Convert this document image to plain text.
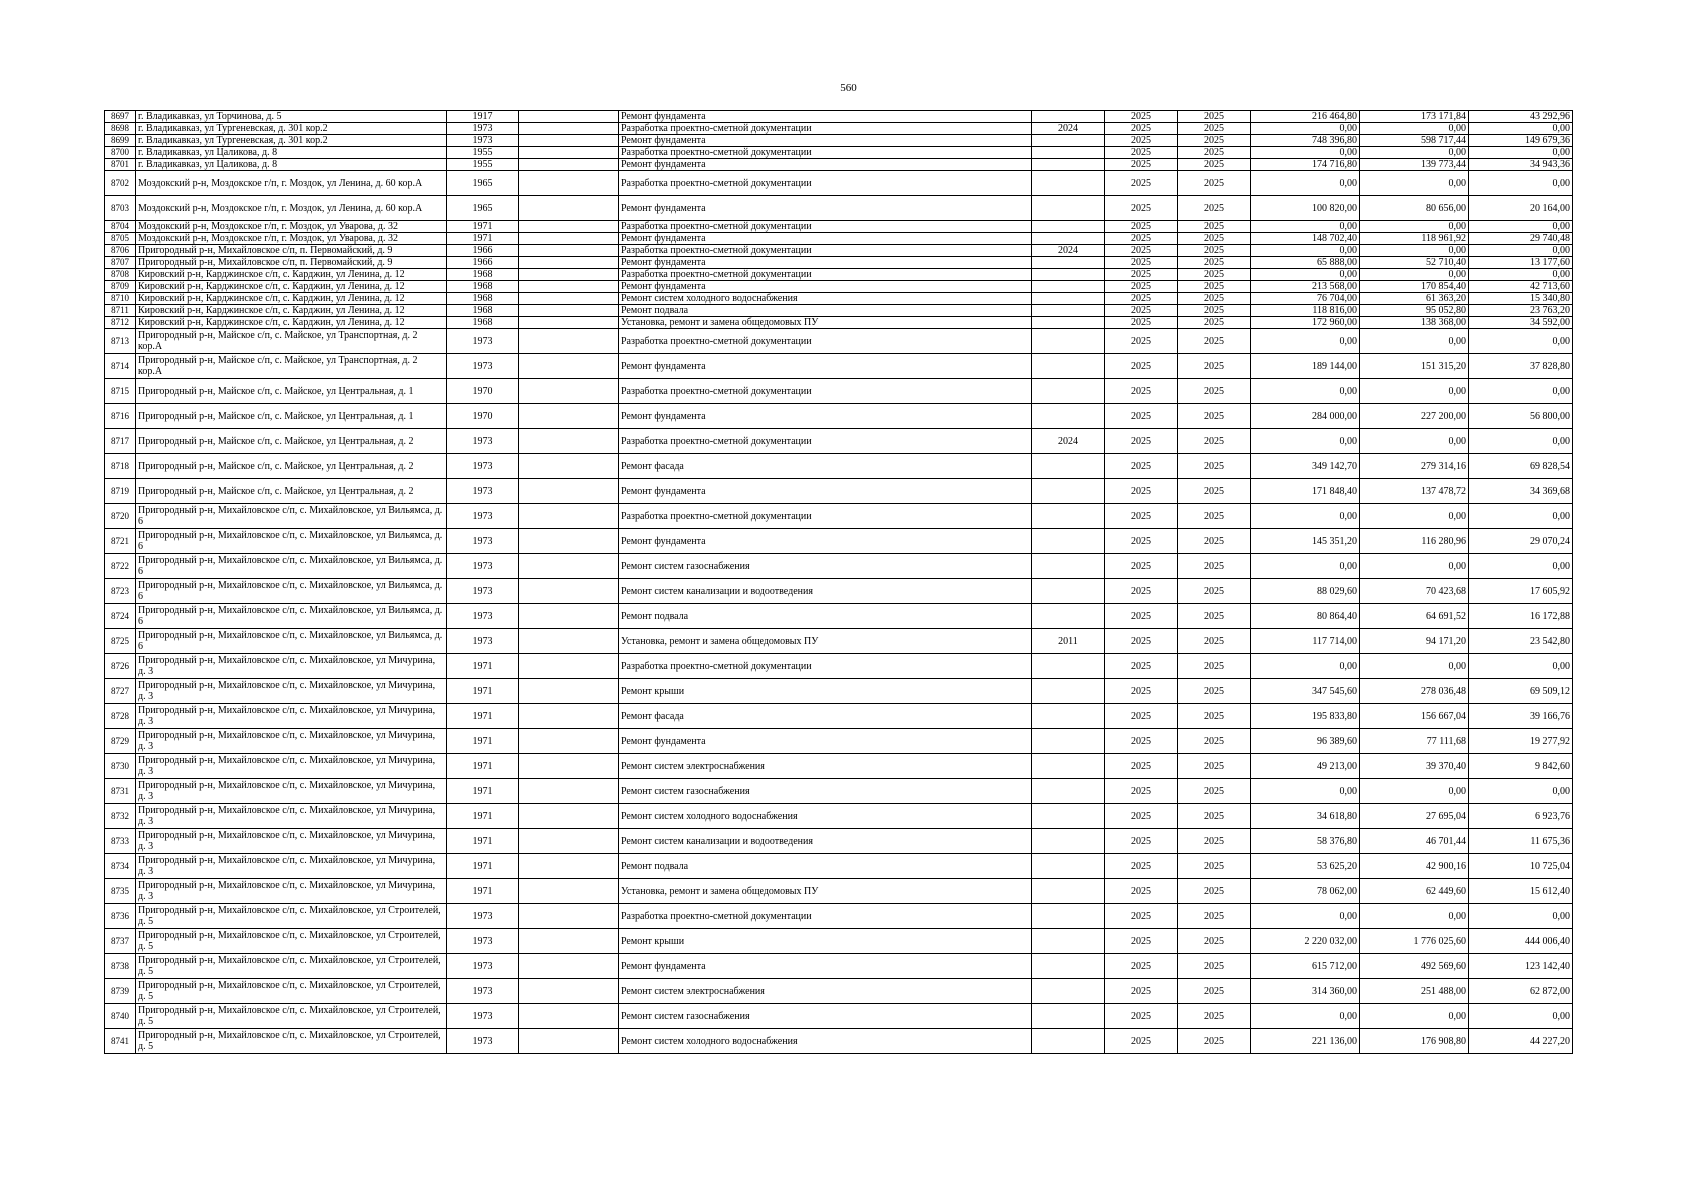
560
8697	г. Владикавказ, ул Торчинова, д. 5	1917		Ремонт фундамента		2025	2025	216 464,80	173 171,84	43 292,96
8698	г. Владикавказ, ул Тургеневская, д. 301 кор.2	1973		Разработка проектно-сметной документации	2024	2025	2025	0,00	0,00	0,00
8699	г. Владикавказ, ул Тургеневская, д. 301 кор.2	1973		Ремонт фундамента		2025	2025	748 396,80	598 717,44	149 679,36
8700	г. Владикавказ, ул Цаликова, д. 8	1955		Разработка проектно-сметной документации		2025	2025	0,00	0,00	0,00
8701	г. Владикавказ, ул Цаликова, д. 8	1955		Ремонт фундамента		2025	2025	174 716,80	139 773,44	34 943,36
8702	Моздокский р-н, Моздокское г/п, г. Моздок, ул Ленина, д. 60 кор.А	1965		Разработка проектно-сметной документации		2025	2025	0,00	0,00	0,00
8703	Моздокский р-н, Моздокское г/п, г. Моздок, ул Ленина, д. 60 кор.А	1965		Ремонт фундамента		2025	2025	100 820,00	80 656,00	20 164,00
8704	Моздокский р-н, Моздокское г/п, г. Моздок, ул Уварова, д. 32	1971		Разработка проектно-сметной документации		2025	2025	0,00	0,00	0,00
8705	Моздокский р-н, Моздокское г/п, г. Моздок, ул Уварова, д. 32	1971		Ремонт фундамента		2025	2025	148 702,40	118 961,92	29 740,48
8706	Пригородный р-н, Михайловское с/п, п. Первомайский, д. 9	1966		Разработка проектно-сметной документации	2024	2025	2025	0,00	0,00	0,00
8707	Пригородный р-н, Михайловское с/п, п. Первомайский, д. 9	1966		Ремонт фундамента		2025	2025	65 888,00	52 710,40	13 177,60
8708	Кировский р-н, Карджинское с/п, с. Карджин, ул Ленина, д. 12	1968		Разработка проектно-сметной документации		2025	2025	0,00	0,00	0,00
8709	Кировский р-н, Карджинское с/п, с. Карджин, ул Ленина, д. 12	1968		Ремонт фундамента		2025	2025	213 568,00	170 854,40	42 713,60
8710	Кировский р-н, Карджинское с/п, с. Карджин, ул Ленина, д. 12	1968		Ремонт систем холодного водоснабжения		2025	2025	76 704,00	61 363,20	15 340,80
8711	Кировский р-н, Карджинское с/п, с. Карджин, ул Ленина, д. 12	1968		Ремонт подвала		2025	2025	118 816,00	95 052,80	23 763,20
8712	Кировский р-н, Карджинское с/п, с. Карджин, ул Ленина, д. 12	1968		Установка, ремонт и замена общедомовых ПУ		2025	2025	172 960,00	138 368,00	34 592,00
8713	Пригородный р-н, Майское с/п, с. Майское, ул Транспортная, д. 2 кор.А	1973		Разработка проектно-сметной документации		2025	2025	0,00	0,00	0,00
8714	Пригородный р-н, Майское с/п, с. Майское, ул Транспортная, д. 2 кор.А	1973		Ремонт фундамента		2025	2025	189 144,00	151 315,20	37 828,80
8715	Пригородный р-н, Майское с/п, с. Майское, ул Центральная, д. 1	1970		Разработка проектно-сметной документации		2025	2025	0,00	0,00	0,00
8716	Пригородный р-н, Майское с/п, с. Майское, ул Центральная, д. 1	1970		Ремонт фундамента		2025	2025	284 000,00	227 200,00	56 800,00
8717	Пригородный р-н, Майское с/п, с. Майское, ул Центральная, д. 2	1973		Разработка проектно-сметной документации	2024	2025	2025	0,00	0,00	0,00
8718	Пригородный р-н, Майское с/п, с. Майское, ул Центральная, д. 2	1973		Ремонт фасада		2025	2025	349 142,70	279 314,16	69 828,54
8719	Пригородный р-н, Майское с/п, с. Майское, ул Центральная, д. 2	1973		Ремонт фундамента		2025	2025	171 848,40	137 478,72	34 369,68
8720	Пригородный р-н, Михайловское с/п, с. Михайловское, ул Вильямса, д. 6	1973		Разработка проектно-сметной документации		2025	2025	0,00	0,00	0,00
8721	Пригородный р-н, Михайловское с/п, с. Михайловское, ул Вильямса, д. 6	1973		Ремонт фундамента		2025	2025	145 351,20	116 280,96	29 070,24
8722	Пригородный р-н, Михайловское с/п, с. Михайловское, ул Вильямса, д. 6	1973		Ремонт систем газоснабжения		2025	2025	0,00	0,00	0,00
8723	Пригородный р-н, Михайловское с/п, с. Михайловское, ул Вильямса, д. 6	1973		Ремонт систем канализации и водоотведения		2025	2025	88 029,60	70 423,68	17 605,92
8724	Пригородный р-н, Михайловское с/п, с. Михайловское, ул Вильямса, д. 6	1973		Ремонт подвала		2025	2025	80 864,40	64 691,52	16 172,88
8725	Пригородный р-н, Михайловское с/п, с. Михайловское, ул Вильямса, д. 6	1973		Установка, ремонт и замена общедомовых ПУ	2011	2025	2025	117 714,00	94 171,20	23 542,80
8726	Пригородный р-н, Михайловское с/п, с. Михайловское, ул Мичурина, д. 3	1971		Разработка проектно-сметной документации		2025	2025	0,00	0,00	0,00
8727	Пригородный р-н, Михайловское с/п, с. Михайловское, ул Мичурина, д. 3	1971		Ремонт крыши		2025	2025	347 545,60	278 036,48	69 509,12
8728	Пригородный р-н, Михайловское с/п, с. Михайловское, ул Мичурина, д. 3	1971		Ремонт фасада		2025	2025	195 833,80	156 667,04	39 166,76
8729	Пригородный р-н, Михайловское с/п, с. Михайловское, ул Мичурина, д. 3	1971		Ремонт фундамента		2025	2025	96 389,60	77 111,68	19 277,92
8730	Пригородный р-н, Михайловское с/п, с. Михайловское, ул Мичурина, д. 3	1971		Ремонт систем электроснабжения		2025	2025	49 213,00	39 370,40	9 842,60
8731	Пригородный р-н, Михайловское с/п, с. Михайловское, ул Мичурина, д. 3	1971		Ремонт систем газоснабжения		2025	2025	0,00	0,00	0,00
8732	Пригородный р-н, Михайловское с/п, с. Михайловское, ул Мичурина, д. 3	1971		Ремонт систем холодного водоснабжения		2025	2025	34 618,80	27 695,04	6 923,76
8733	Пригородный р-н, Михайловское с/п, с. Михайловское, ул Мичурина, д. 3	1971		Ремонт систем канализации и водоотведения		2025	2025	58 376,80	46 701,44	11 675,36
8734	Пригородный р-н, Михайловское с/п, с. Михайловское, ул Мичурина, д. 3	1971		Ремонт подвала		2025	2025	53 625,20	42 900,16	10 725,04
8735	Пригородный р-н, Михайловское с/п, с. Михайловское, ул Мичурина, д. 3	1971		Установка, ремонт и замена общедомовых ПУ		2025	2025	78 062,00	62 449,60	15 612,40
8736	Пригородный р-н, Михайловское с/п, с. Михайловское, ул Строителей, д. 5	1973		Разработка проектно-сметной документации		2025	2025	0,00	0,00	0,00
8737	Пригородный р-н, Михайловское с/п, с. Михайловское, ул Строителей, д. 5	1973		Ремонт крыши		2025	2025	2 220 032,00	1 776 025,60	444 006,40
8738	Пригородный р-н, Михайловское с/п, с. Михайловское, ул Строителей, д. 5	1973		Ремонт фундамента		2025	2025	615 712,00	492 569,60	123 142,40
8739	Пригородный р-н, Михайловское с/п, с. Михайловское, ул Строителей, д. 5	1973		Ремонт систем электроснабжения		2025	2025	314 360,00	251 488,00	62 872,00
8740	Пригородный р-н, Михайловское с/п, с. Михайловское, ул Строителей, д. 5	1973		Ремонт систем газоснабжения		2025	2025	0,00	0,00	0,00
8741	Пригородный р-н, Михайловское с/п, с. Михайловское, ул Строителей, д. 5	1973		Ремонт систем холодного водоснабжения		2025	2025	221 136,00	176 908,80	44 227,20
